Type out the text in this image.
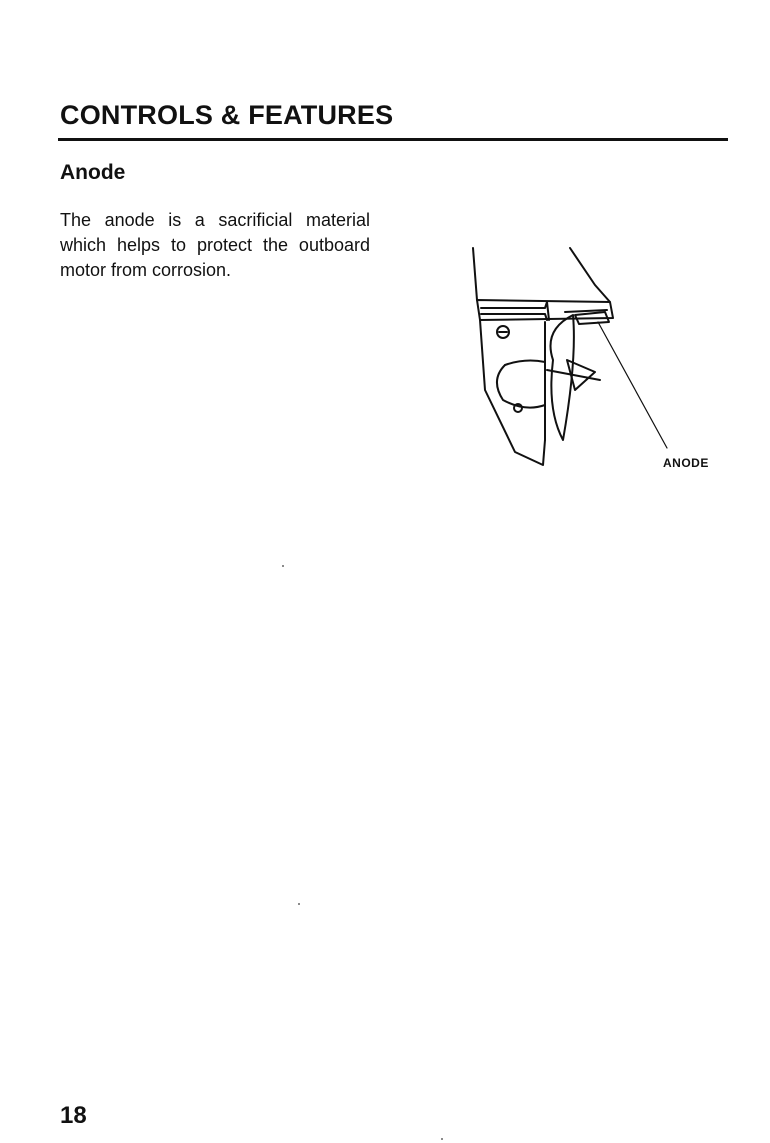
CONTROLS & FEATURES
Anode

The anode is a sacrificial material which helps to protect the outboard motor from corrosion.

ANODE
18
